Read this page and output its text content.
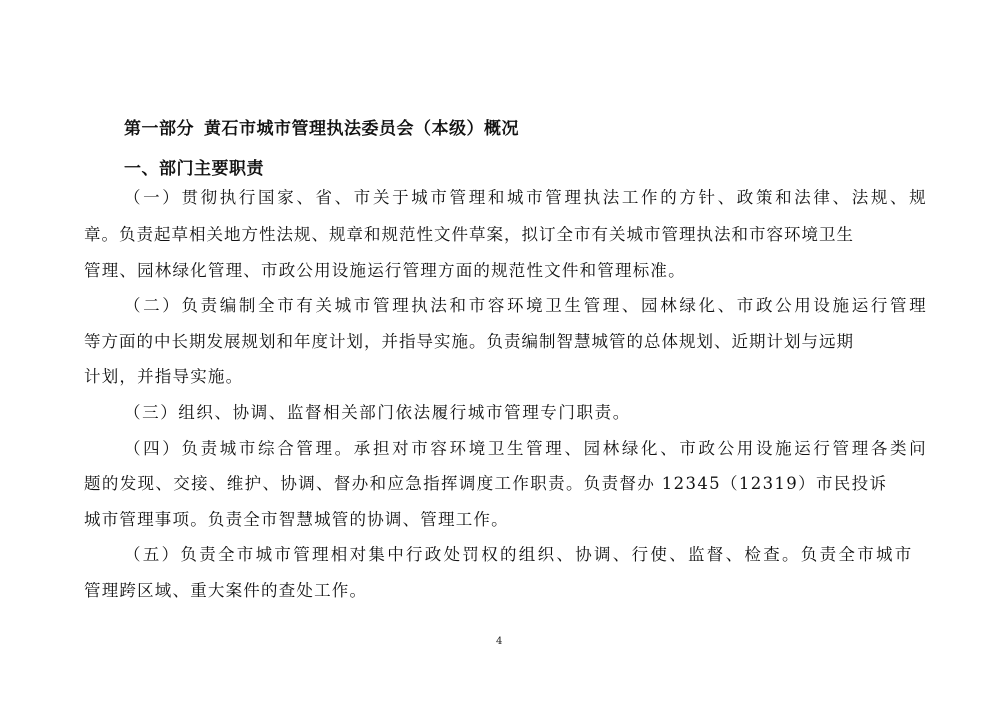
第一部分 黄石市城市管理执法委员会（本级）概况
一、部门主要职责
（一）贯彻执行国家、省、市关于城市管理和城市管理执法工作的方针、政策和法律、法规、规
章。负责起草相关地方性法规、规章和规范性文件草案，拟订全市有关城市管理执法和市容环境卫生
管理、园林绿化管理、市政公用设施运行管理方面的规范性文件和管理标准。
（二）负责编制全市有关城市管理执法和市容环境卫生管理、园林绿化、市政公用设施运行管理
等方面的中长期发展规划和年度计划，并指导实施。负责编制智慧城管的总体规划、近期计划与远期
计划，并指导实施。
（三）组织、协调、监督相关部门依法履行城市管理专门职责。
（四）负责城市综合管理。承担对市容环境卫生管理、园林绿化、市政公用设施运行管理各类问
题的发现、交接、维护、协调、督办和应急指挥调度工作职责。负责督办 12345（12319）市民投诉
城市管理事项。负责全市智慧城管的协调、管理工作。
（五）负责全市城市管理相对集中行政处罚权的组织、协调、行使、监督、检查。负责全市城市
管理跨区域、重大案件的查处工作。
4
